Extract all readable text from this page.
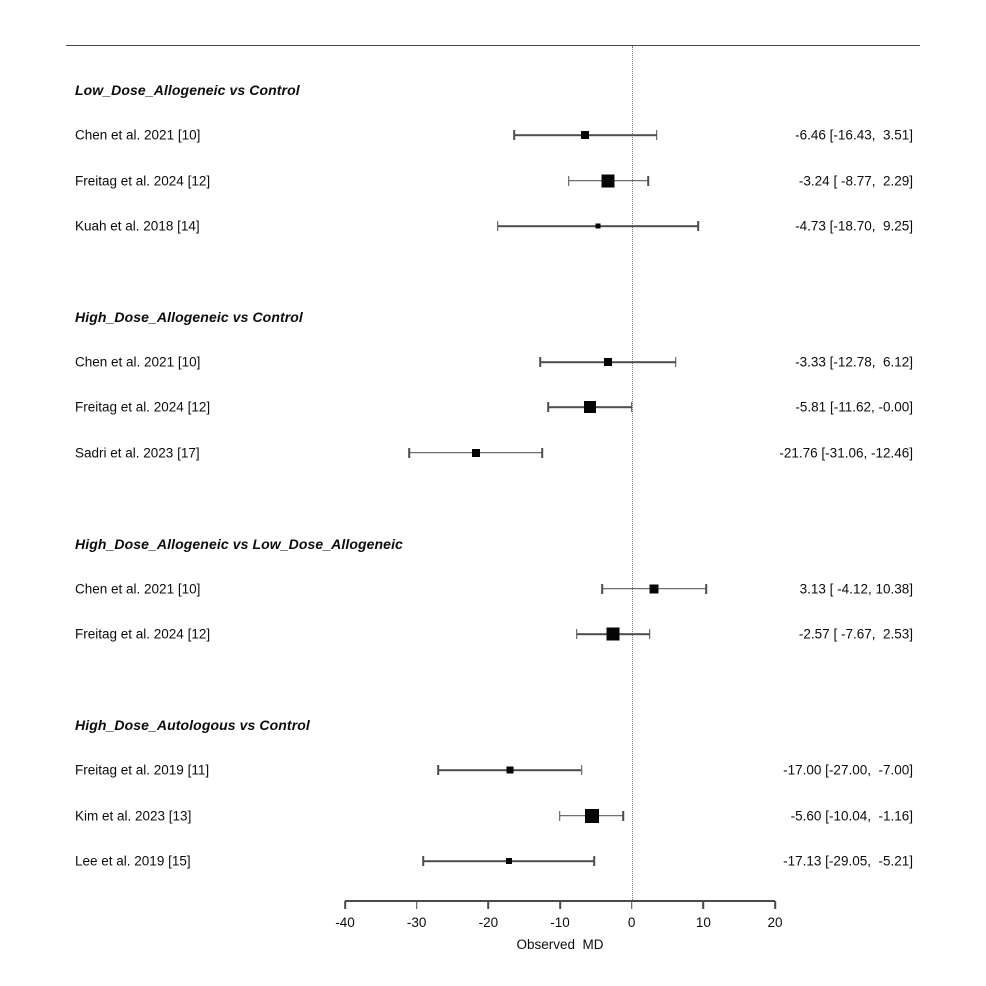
Low_Dose_Allogeneic vs Control
Chen et al. 2021 [10]	-6.46 [-16.43,  3.51]
Freitag et al. 2024 [12]	-3.24 [ -8.77,  2.29]
Kuah et al. 2018 [14]	-4.73 [-18.70,  9.25]
High_Dose_Allogeneic vs Control
Chen et al. 2021 [10]	-3.33 [-12.78,  6.12]
Freitag et al. 2024 [12]	-5.81 [-11.62, -0.00]
Sadri et al. 2023 [17]	-21.76 [-31.06, -12.46]
High_Dose_Allogeneic vs Low_Dose_Allogeneic
Chen et al. 2021 [10]	3.13 [ -4.12, 10.38]
Freitag et al. 2024 [12]	-2.57 [ -7.67,  2.53]
High_Dose_Autologous vs Control
Freitag et al. 2019 [11]	-17.00 [-27.00,  -7.00]
Kim et al. 2023 [13]	-5.60 [-10.04,  -1.16]
Lee et al. 2019 [15]	-17.13 [-29.05,  -5.21]
-40	-30	-20	-10	0	10	20
Observed  MD
